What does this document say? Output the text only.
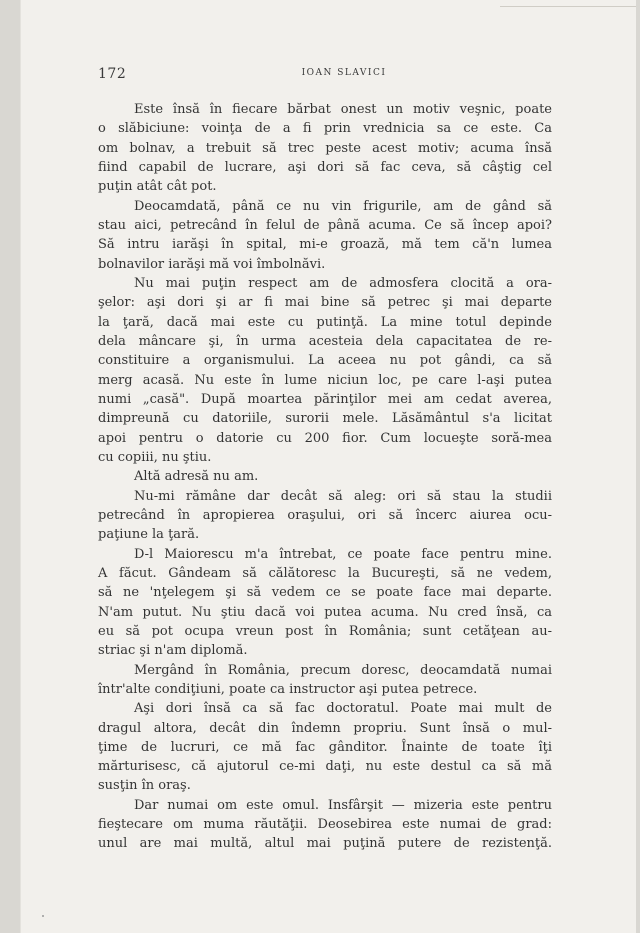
172	IOAN SLAVICI

Este însă în fiecare bărbat onest un motiv veşnic, poate
o slăbiciune: voinţa de a fi prin vrednicia sa ce este. Ca
om bolnav, a trebuit să trec peste acest motiv; acuma însă
fiind capabil de lucrare, aşi dori să fac ceva, să câştig cel
puţin atât cât pot.

Deocamdată, până ce nu vin frigurile, am de gând să
stau aici, petrecând în felul de până acuma. Ce să încep apoi?
Să intru iarăşi în spital, mi-e groază, mă tem că'n lumea
bolnavilor iarăşi mă voi îmbolnăvi.

Nu mai puţin respect am de admosfera clocită a ora-
şelor: aşi dori şi ar fi mai bine să petrec şi mai departe
la ţară, dacă mai este cu putinţă. La mine totul depinde
dela mâncare şi, în urma acesteia dela capacitatea de re-
constituire a organismului. La aceea nu pot gândi, ca să
merg acasă. Nu este în lume niciun loc, pe care l-aşi putea
numi „casă". După moartea părinţilor mei am cedat averea,
dimpreună cu datoriile, surorii mele. Lăsământul s'a licitat
apoi pentru o datorie cu 200 fior. Cum locueşte soră-mea
cu copiii, nu ştiu.

Altă adresă nu am.

Nu-mi rămâne dar decât să aleg: ori să stau la studii
petrecând în apropierea oraşului, ori să încerc aiurea ocu-
paţiune la ţară.

D-l Maiorescu m'a întrebat, ce poate face pentru mine.
A făcut. Gândeam să călătoresc la Bucureşti, să ne vedem,
să ne 'nţelegem şi să vedem ce se poate face mai departe.
N'am putut. Nu ştiu dacă voi putea acuma. Nu cred însă, ca
eu să pot ocupa vreun post în România; sunt cetăţean au-
striac şi n'am diplomă.

Mergând în România, precum doresc, deocamdată numai
într'alte condiţiuni, poate ca instructor aşi putea petrece.

Aşi dori însă ca să fac doctoratul. Poate mai mult de
dragul altora, decât din îndemn propriu. Sunt însă o mul-
ţime de lucruri, ce mă fac gânditor. Înainte de toate îţi
mărturisesc, că ajutorul ce-mi daţi, nu este destul ca să mă
susţin în oraş.

Dar numai om este omul. Insfârşit — mizeria este pentru
fieştecare om muma răutăţii. Deosebirea este numai de grad:
unul are mai multă, altul mai puţină putere de rezistenţă.
